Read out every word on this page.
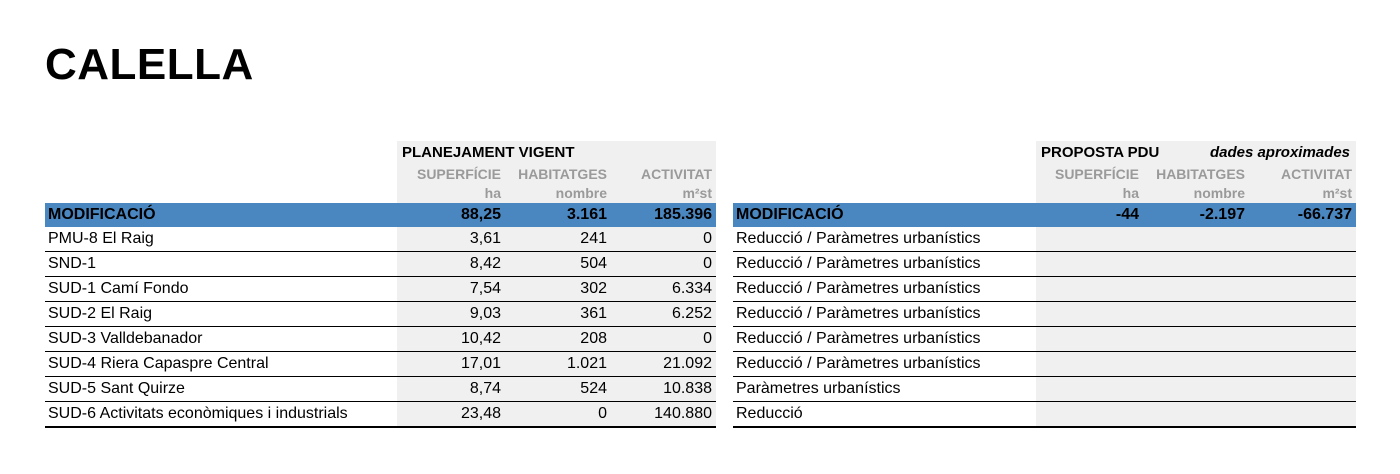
CALELLA
PLANEJAMENT VIGENT
SUPERFÍCIE	HABITATGES	ACTIVITAT
ha	nombre	m²st
MODIFICACIÓ	88,25	3.161	185.396
PMU-8 El Raig	3,61	241	0
SND-1	8,42	504	0
SUD-1 Camí Fondo	7,54	302	6.334
SUD-2 El Raig	9,03	361	6.252
SUD-3 Valldebanador	10,42	208	0
SUD-4 Riera Capaspre Central	17,01	1.021	21.092
SUD-5 Sant Quirze	8,74	524	10.838
SUD-6 Activitats econòmiques i industrials	23,48	0	140.880
PROPOSTA PDU	dades aproximades
SUPERFÍCIE	HABITATGES	ACTIVITAT
ha	nombre	m²st
MODIFICACIÓ	-44	-2.197	-66.737
Reducció / Paràmetres urbanístics
Reducció / Paràmetres urbanístics
Reducció / Paràmetres urbanístics
Reducció / Paràmetres urbanístics
Reducció / Paràmetres urbanístics
Reducció / Paràmetres urbanístics
Paràmetres urbanístics
Reducció
